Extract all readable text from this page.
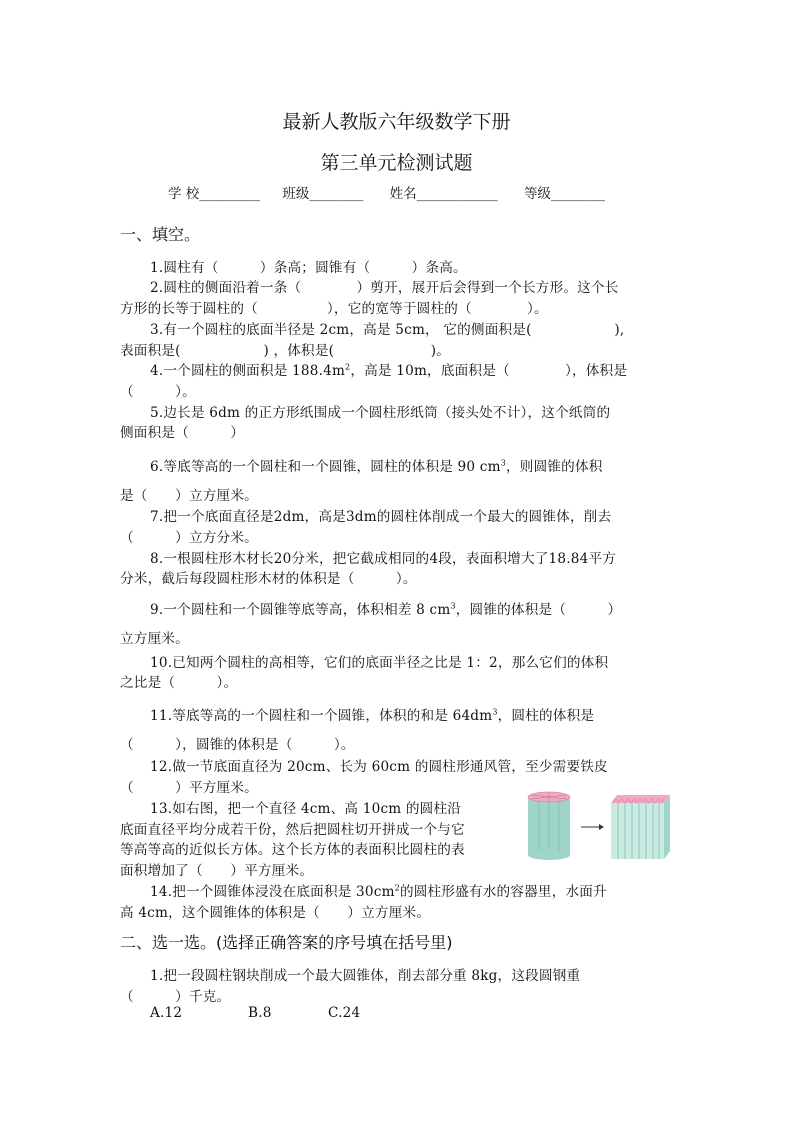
最新人教版六年级数学下册
第三单元检测试题
学 校_________ 班级________ 姓名____________ 等级________
一、填空。
1.圆柱有（　　　）条高；圆锥有（　　　）条高。
2.圆柱的侧面沿着一条（　　　　）剪开，展开后会得到一个长方形。这个长
方形的长等于圆柱的（　　　　　），它的宽等于圆柱的（　　　　）。
3.有一个圆柱的底面半径是 2cm，高是 5cm， 它的侧面积是(　　　　　　),
表面积是(　　　　　　) ，体积是(　　　　　　　)。
4.一个圆柱的侧面积是 $188.4m^2$，高是 10m，底面积是（　　　　），体积是
（　　　）。
5.边长是 6dm 的正方形纸围成一个圆柱形纸筒（接头处不计），这个纸筒的
侧面积是（　　　）
6.等底等高的一个圆柱和一个圆锥，圆柱的体积是 90 $cm^3$，则圆锥的体积
是（　　）立方厘米。
7.把一个底面直径是2dm，高是3dm的圆柱体削成一个最大的圆锥体，削去
（　　　）立方分米。
8.一根圆柱形木材长20分米，把它截成相同的4段，表面积增大了18.84平方
分米，截后每段圆柱形木材的体积是（　　　）。
9.一个圆柱和一个圆锥等底等高，体积相差 8 $cm^3$，圆锥的体积是（　　　）
立方厘米。
10.已知两个圆柱的高相等，它们的底面半径之比是 1：2，那么它们的体积
之比是（　　　）。
11.等底等高的一个圆柱和一个圆锥，体积的和是 $64dm^3$，圆柱的体积是
（　　　），圆锥的体积是（　　　）。
12.做一节底面直径为 20cm、长为 60cm 的圆柱形通风管，至少需要铁皮
（　　　）平方厘米。
13.如右图，把一个直径 4cm、高 10cm 的圆柱沿
底面直径平均分成若干份，然后把圆柱切开拼成一个与它
等高等高的近似长方体。这个长方体的表面积比圆柱的表
面积增加了（　　）平方厘米。
14.把一个圆锥体浸没在底面积是 $30cm^2$的圆柱形盛有水的容器里，水面升
高 4cm，这个圆锥体的体积是（　　）立方厘米。
二、选一选。(选择正确答案的序号填在括号里)
1.把一段圆柱钢块削成一个最大圆锥体，削去部分重 8kg，这段圆钢重
（　　　）千克。
A.12	B.8	C.24
